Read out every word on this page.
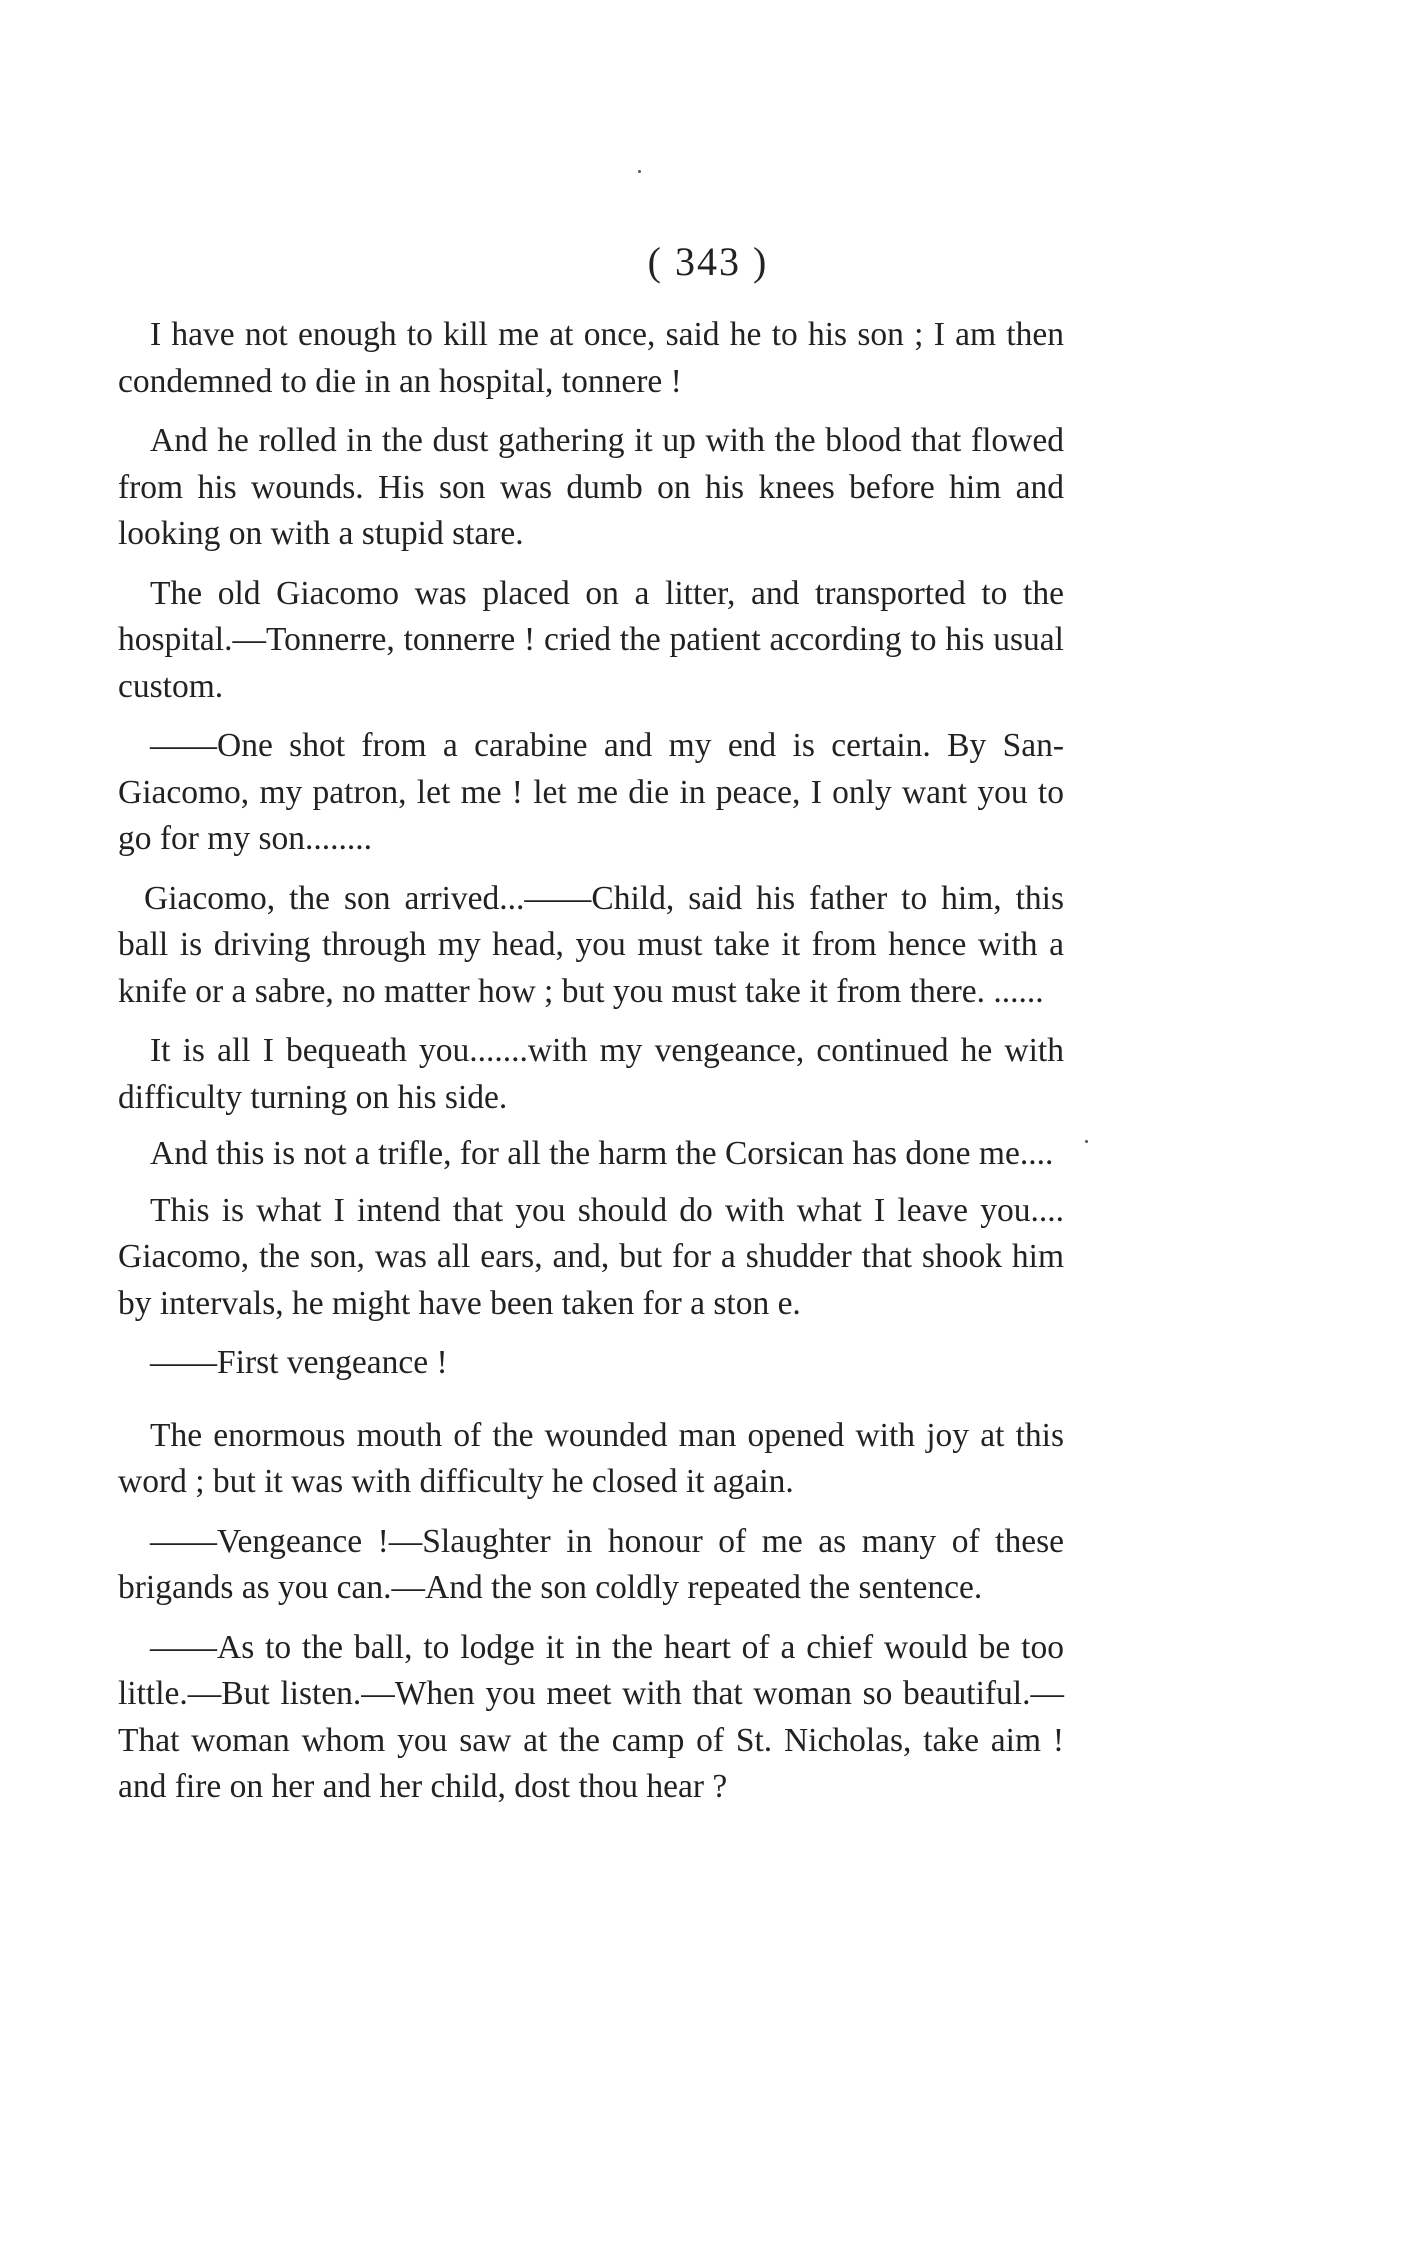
( 343 )

I have not enough to kill me at once, said he to his son ; I am then condemned to die in an hospital, tonnere !

And he rolled in the dust gathering it up with the blood that flowed from his wounds. His son was dumb on his knees before him and looking on with a stupid stare.

The old Giacomo was placed on a litter, and transported to the hospital.—Tonnerre, tonnerre ! cried the patient according to his usual custom.

——One shot from a carabine and my end is certain. By San-Giacomo, my patron, let me ! let me die in peace, I only want you to go for my son........

Giacomo, the son arrived...——Child, said his father to him, this ball is driving through my head, you must take it from hence with a knife or a sabre, no matter how ; but you must take it from there. ......

It is all I bequeath you.......with my vengeance, continued he with difficulty turning on his side.

And this is not a trifle, for all the harm the Corsican has done me....

This is what I intend that you should do with what I leave you.... Giacomo, the son, was all ears, and, but for a shudder that shook him by intervals, he might have been taken for a ston e.

——First vengeance !

The enormous mouth of the wounded man opened with joy at this word ; but it was with difficulty he closed it again.

——Vengeance !—Slaughter in honour of me as many of these brigands as you can.—And the son coldly repeated the sentence.

——As to the ball, to lodge it in the heart of a chief would be too little.—But listen.—When you meet with that woman so beautiful.—That woman whom you saw at the camp of St. Nicholas, take aim ! and fire on her and her child, dost thou hear ?
